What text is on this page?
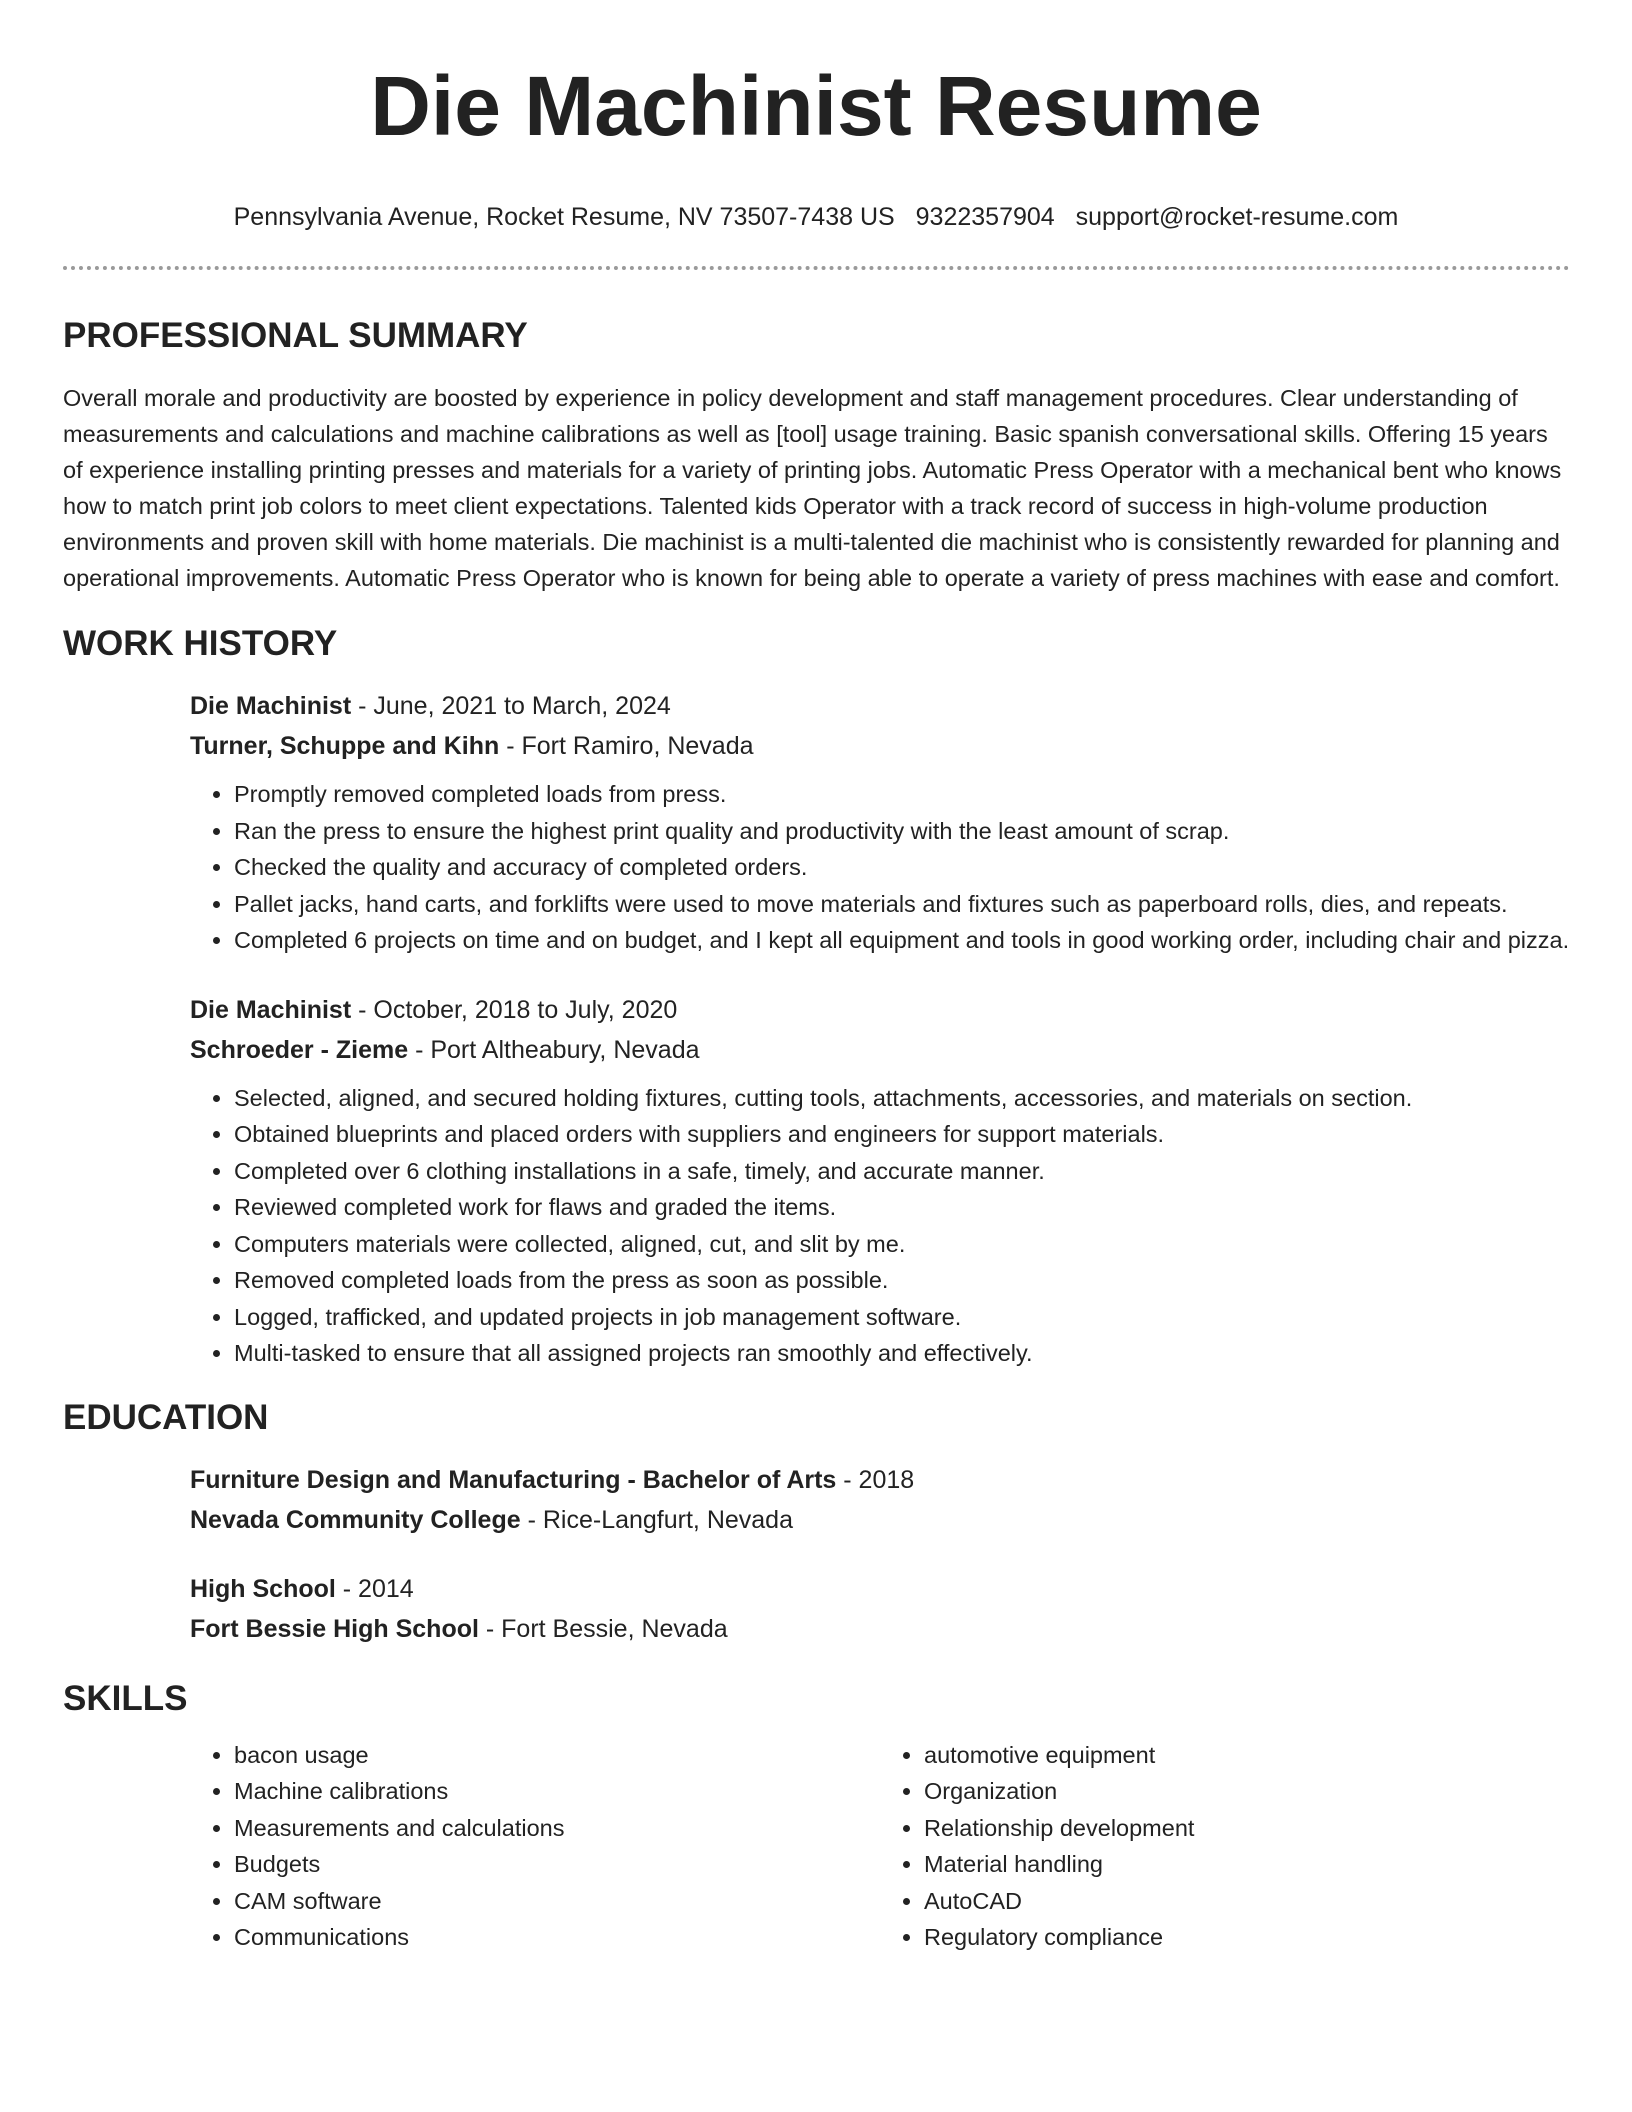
Die Machinist Resume
Pennsylvania Avenue, Rocket Resume, NV 73507-7438 US 9322357904 support@rocket-resume.com
PROFESSIONAL SUMMARY

Overall morale and productivity are boosted by experience in policy development and staff management procedures. Clear understanding of measurements and calculations and machine calibrations as well as [tool] usage training. Basic spanish conversational skills. Offering 15 years of experience installing printing presses and materials for a variety of printing jobs. Automatic Press Operator with a mechanical bent who knows how to match print job colors to meet client expectations. Talented kids Operator with a track record of success in high-volume production environments and proven skill with home materials. Die machinist is a multi-talented die machinist who is consistently rewarded for planning and operational improvements. Automatic Press Operator who is known for being able to operate a variety of press machines with ease and comfort.

WORK HISTORY

Die Machinist - June, 2021 to March, 2024

Turner, Schuppe and Kihn - Fort Ramiro, Nevada

• Promptly removed completed loads from press.
• Ran the press to ensure the highest print quality and productivity with the least amount of scrap.
• Checked the quality and accuracy of completed orders.
• Pallet jacks, hand carts, and forklifts were used to move materials and fixtures such as paperboard rolls, dies, and repeats.
• Completed 6 projects on time and on budget, and I kept all equipment and tools in good working order, including chair and pizza.

Die Machinist - October, 2018 to July, 2020

Schroeder - Zieme - Port Altheabury, Nevada

• Selected, aligned, and secured holding fixtures, cutting tools, attachments, accessories, and materials on section.
• Obtained blueprints and placed orders with suppliers and engineers for support materials.
• Completed over 6 clothing installations in a safe, timely, and accurate manner.
• Reviewed completed work for flaws and graded the items.
• Computers materials were collected, aligned, cut, and slit by me.
• Removed completed loads from the press as soon as possible.
• Logged, trafficked, and updated projects in job management software.
• Multi-tasked to ensure that all assigned projects ran smoothly and effectively.
EDUCATION

Furniture Design and Manufacturing - Bachelor of Arts - 2018

Nevada Community College - Rice-Langfurt, Nevada

High School - 2014

Fort Bessie High School - Fort Bessie, Nevada

SKILLS
• bacon usage
• Machine calibrations
• Measurements and calculations
• Budgets
• CAM software
• Communications
• automotive equipment
• Organization
• Relationship development
• Material handling
• AutoCAD
• Regulatory compliance
